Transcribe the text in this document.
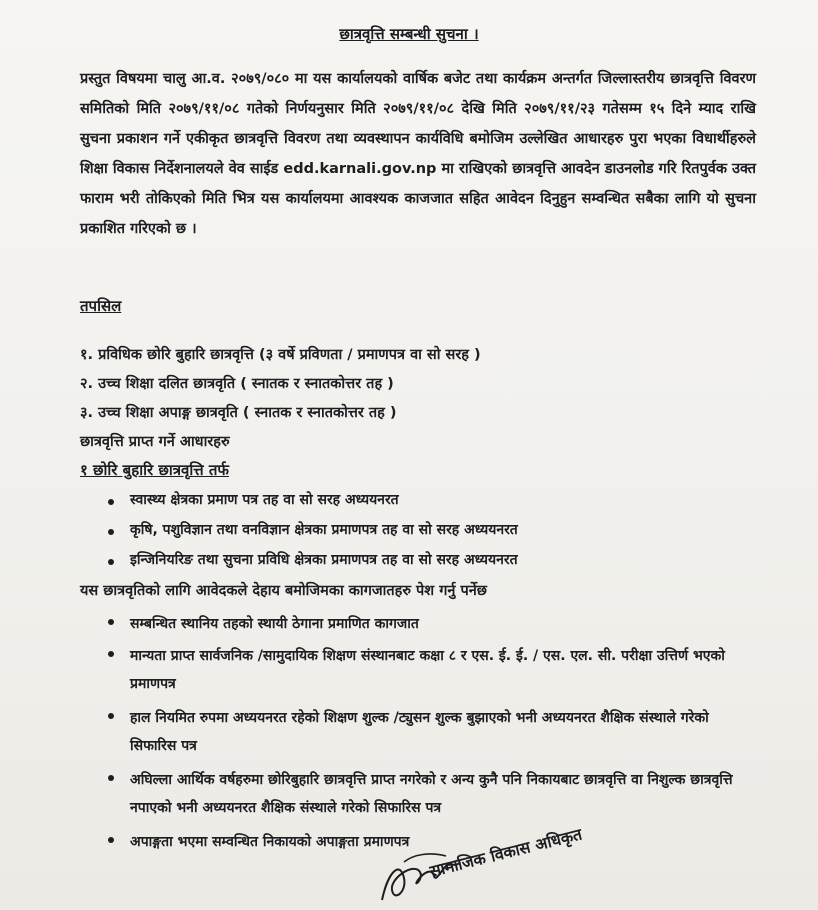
छात्रवृत्ति सम्बन्धी सुचना ।
प्रस्तुत विषयमा चालु आ.व. २०७९/०८० मा यस कार्यालयको वार्षिक बजेट तथा कार्यक्रम अन्तर्गत जिल्लास्तरीय छात्रवृत्ति विवरण समितिको मिति २०७९/११/०८ गतेको निर्णयनुसार मिति २०७९/११/०८ देखि मिति २०७९/११/२३ गतेसम्म १५ दिने म्याद राखि सुचना प्रकाशन गर्ने एकीकृत छात्रवृत्ति विवरण तथा व्यवस्थापन कार्यविधि बमोजिम उल्लेखित आधारहरु पुरा भएका विधार्थीहरुले शिक्षा विकास निर्देशनालयले वेव साईड edd.karnali.gov.np मा राखिएको छात्रवृत्ति आवदेन डाउनलोड गरि रितपुर्वक उक्त फाराम भरी तोकिएको मिति भित्र यस कार्यालयमा आवश्यक काजजात सहित आवेदन दिनुहुन सम्वन्धित सबैका लागि यो सुचना प्रकाशित गरिएको छ ।
तपसिल
१. प्रविधिक छोरि बुहारि छात्रवृत्ति (३ वर्षे प्रविणता / प्रमाणपत्र वा सो सरह )
२. उच्च शिक्षा दलित छात्रवृति ( स्नातक र स्नातकोत्तर तह )
३. उच्च शिक्षा अपाङ्ग छात्रवृति ( स्नातक र स्नातकोत्तर तह )
छात्रवृत्ति प्राप्त गर्ने आधारहरु
१ छोरि बुहारि छात्रवृत्ति तर्फ
स्वास्थ्य क्षेत्रका प्रमाण पत्र तह वा सो सरह अध्ययनरत
कृषि, पशुविज्ञान तथा वनविज्ञान क्षेत्रका प्रमाणपत्र तह वा सो सरह अध्ययनरत
इन्जिनियरिङ तथा सुचना प्रविधि क्षेत्रका प्रमाणपत्र तह वा सो सरह अध्ययनरत
यस छात्रवृतिको लागि आवेदकले देहाय बमोजिमका कागजातहरु पेश गर्नु पर्नेछ
सम्बन्धित स्थानिय तहको स्थायी ठेगाना प्रमाणित कागजात
मान्यता प्राप्त सार्वजनिक /सामुदायिक शिक्षण संस्थानबाट कक्षा ८ र एस. ई. ई. / एस. एल. सी. परीक्षा उत्तिर्ण भएको प्रमाणपत्र
हाल नियमित रुपमा अध्ययनरत रहेको शिक्षण शुल्क /ट्युसन शुल्क बुझाएको भनी अध्ययनरत शैक्षिक संस्थाले गरेको सिफारिस पत्र
अघिल्ला आर्थिक वर्षहरुमा छोरिबुहारि छात्रवृत्ति प्राप्त नगरेको र अन्य कुनै पनि निकायबाट छात्रवृत्ति वा निशुल्क छात्रवृत्ति नपाएको भनी अध्ययनरत शैक्षिक संस्थाले गरेको सिफारिस पत्र
अपाङ्गता भएमा सम्वन्धित निकायको अपाङ्गता प्रमाणपत्र	सामाजिक विकास अधिकृत
